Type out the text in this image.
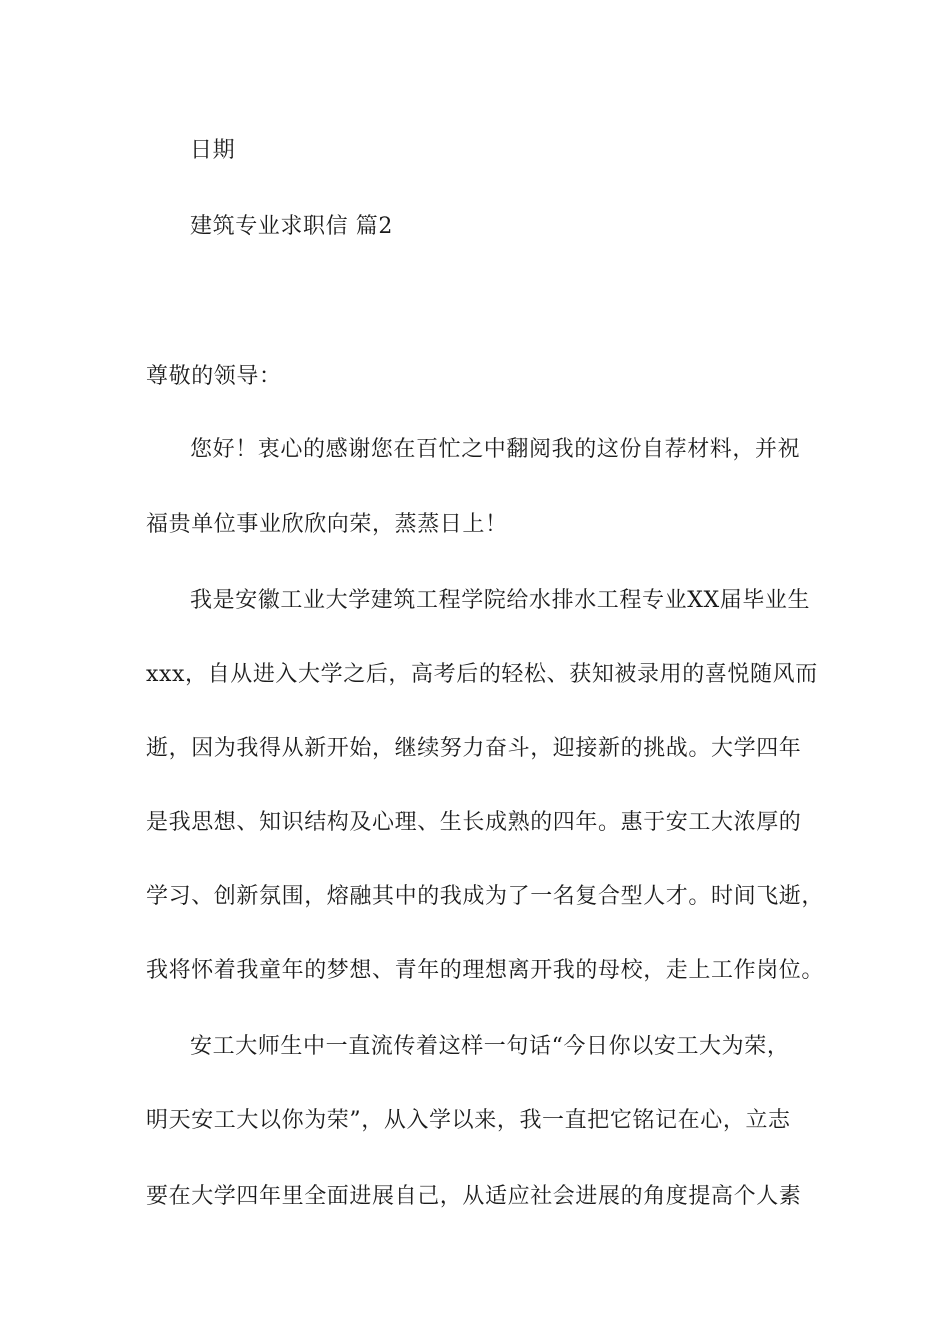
日期
建筑专业求职信 篇2
尊敬的领导：
您好！衷心的感谢您在百忙之中翻阅我的这份自荐材料，并祝
福贵单位事业欣欣向荣，蒸蒸日上！
我是安徽工业大学建筑工程学院给水排水工程专业XX届毕业生
xxx，自从进入大学之后，高考后的轻松、获知被录用的喜悦随风而
逝，因为我得从新开始，继续努力奋斗，迎接新的挑战。大学四年
是我思想、知识结构及心理、生长成熟的四年。惠于安工大浓厚的
学习、创新氛围，熔融其中的我成为了一名复合型人才。时间飞逝，
我将怀着我童年的梦想、青年的理想离开我的母校，走上工作岗位。
安工大师生中一直流传着这样一句话“今日你以安工大为荣，
明天安工大以你为荣”，从入学以来，我一直把它铭记在心，立志
要在大学四年里全面进展自己，从适应社会进展的角度提高个人素
